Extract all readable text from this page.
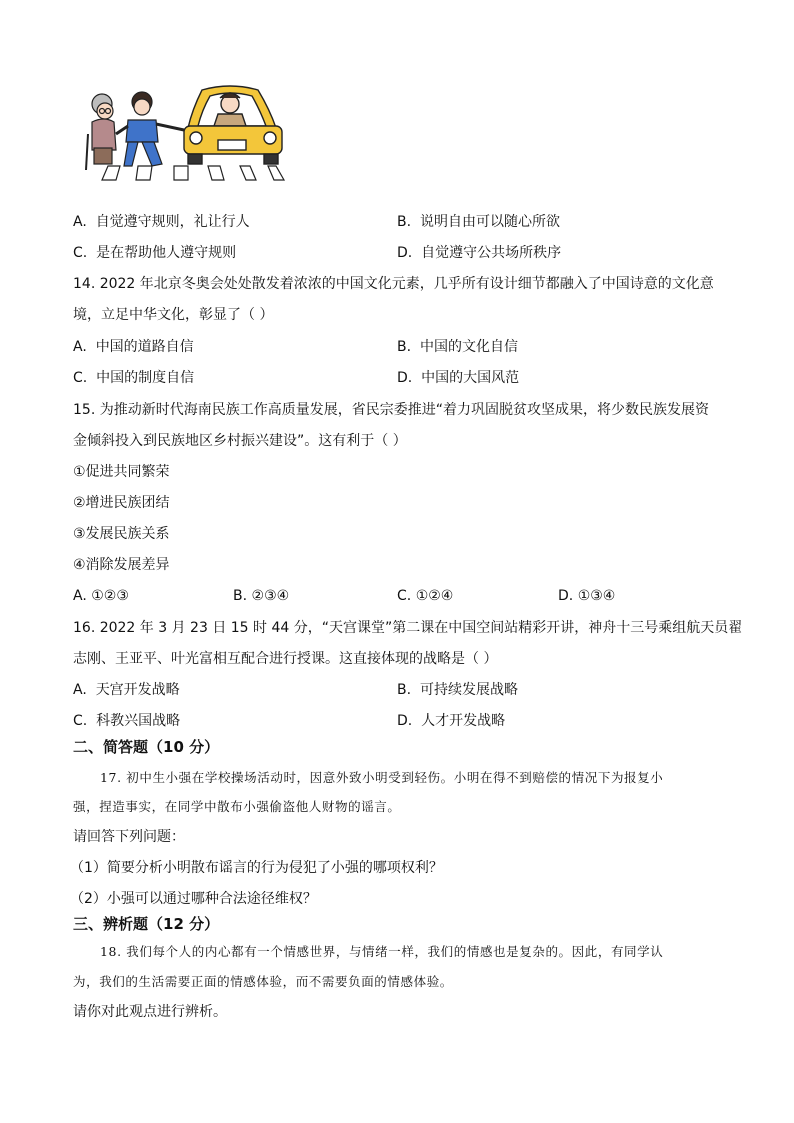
A. 自觉遵守规则，礼让行人	B. 说明自由可以随心所欲
C. 是在帮助他人遵守规则	D. 自觉遵守公共场所秩序
14. 2022 年北京冬奥会处处散发着浓浓的中国文化元素，几乎所有设计细节都融入了中国诗意的文化意
境，立足中华文化，彰显了（ ）
A. 中国的道路自信	B. 中国的文化自信
C. 中国的制度自信	D. 中国的大国风范
15. 为推动新时代海南民族工作高质量发展，省民宗委推进“着力巩固脱贫攻坚成果，将少数民族发展资
金倾斜投入到民族地区乡村振兴建设”。这有利于（ ）
①促进共同繁荣
②增进民族团结
③发展民族关系
④消除发展差异
A. ①②③	B. ②③④	C. ①②④	D. ①③④
16. 2022 年 3 月 23 日 15 时 44 分，“天宫课堂”第二课在中国空间站精彩开讲，神舟十三号乘组航天员翟
志刚、王亚平、叶光富相互配合进行授课。这直接体现的战略是（ ）
A. 天宫开发战略	B. 可持续发展战略
C. 科教兴国战略	D. 人才开发战略
二、简答题（10 分）
17. 初中生小强在学校操场活动时，因意外致小明受到轻伤。小明在得不到赔偿的情况下为报复小
强，捏造事实，在同学中散布小强偷盗他人财物的谣言。
请回答下列问题：
（1）简要分析小明散布谣言的行为侵犯了小强的哪项权利？
（2）小强可以通过哪种合法途径维权？
三、辨析题（12 分）
18. 我们每个人的内心都有一个情感世界，与情绪一样，我们的情感也是复杂的。因此，有同学认
为，我们的生活需要正面的情感体验，而不需要负面的情感体验。
请你对此观点进行辨析。
